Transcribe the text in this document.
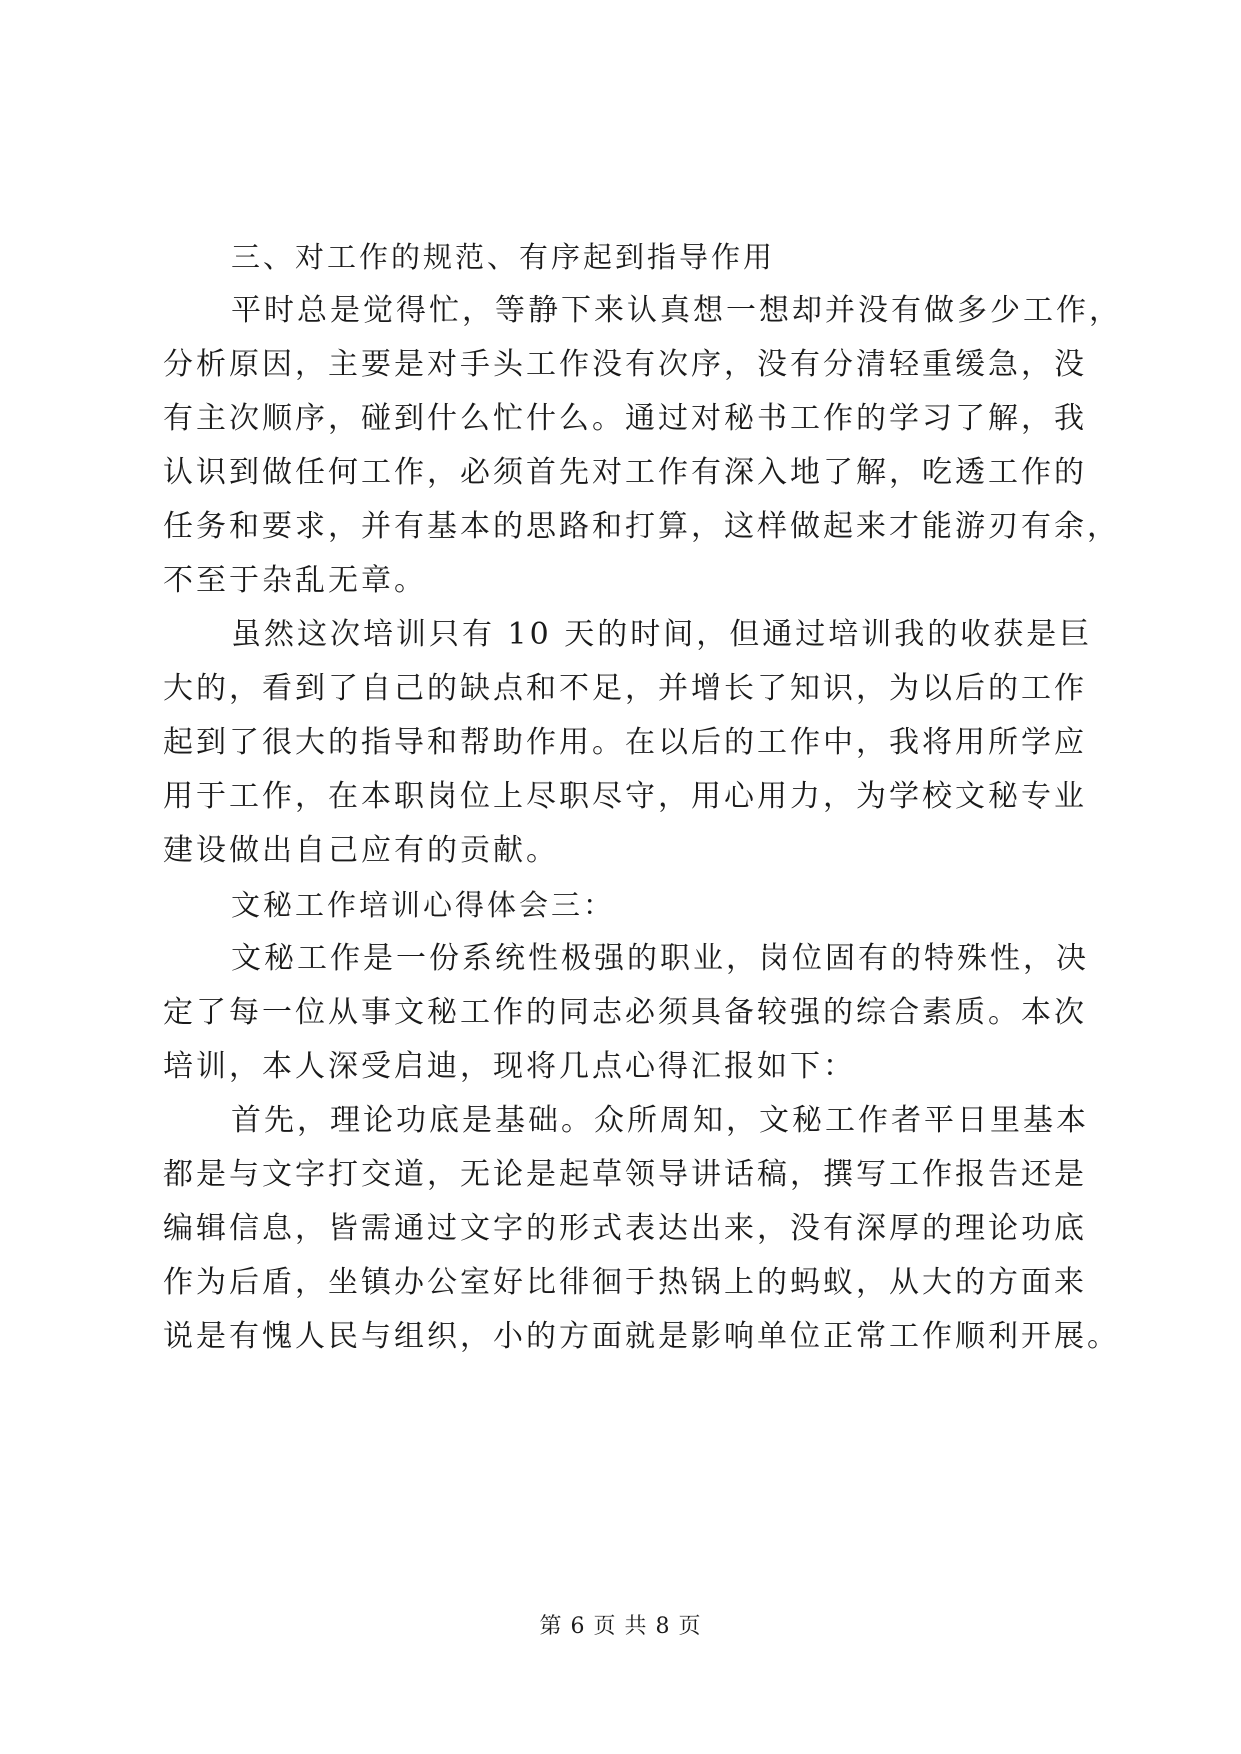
三、对工作的规范、有序起到指导作用
平时总是觉得忙，等静下来认真想一想却并没有做多少工作，
分析原因，主要是对手头工作没有次序，没有分清轻重缓急，没
有主次顺序，碰到什么忙什么。通过对秘书工作的学习了解，我
认识到做任何工作，必须首先对工作有深入地了解，吃透工作的
任务和要求，并有基本的思路和打算，这样做起来才能游刃有余，
不至于杂乱无章。
虽然这次培训只有 10 天的时间，但通过培训我的收获是巨
大的，看到了自己的缺点和不足，并增长了知识，为以后的工作
起到了很大的指导和帮助作用。在以后的工作中，我将用所学应
用于工作，在本职岗位上尽职尽守，用心用力，为学校文秘专业
建设做出自己应有的贡献。
文秘工作培训心得体会三：
文秘工作是一份系统性极强的职业，岗位固有的特殊性，决
定了每一位从事文秘工作的同志必须具备较强的综合素质。本次
培训，本人深受启迪，现将几点心得汇报如下：
首先，理论功底是基础。众所周知，文秘工作者平日里基本
都是与文字打交道，无论是起草领导讲话稿，撰写工作报告还是
编辑信息，皆需通过文字的形式表达出来，没有深厚的理论功底
作为后盾，坐镇办公室好比徘徊于热锅上的蚂蚁，从大的方面来
说是有愧人民与组织，小的方面就是影响单位正常工作顺利开展。
第 6 页 共 8 页
